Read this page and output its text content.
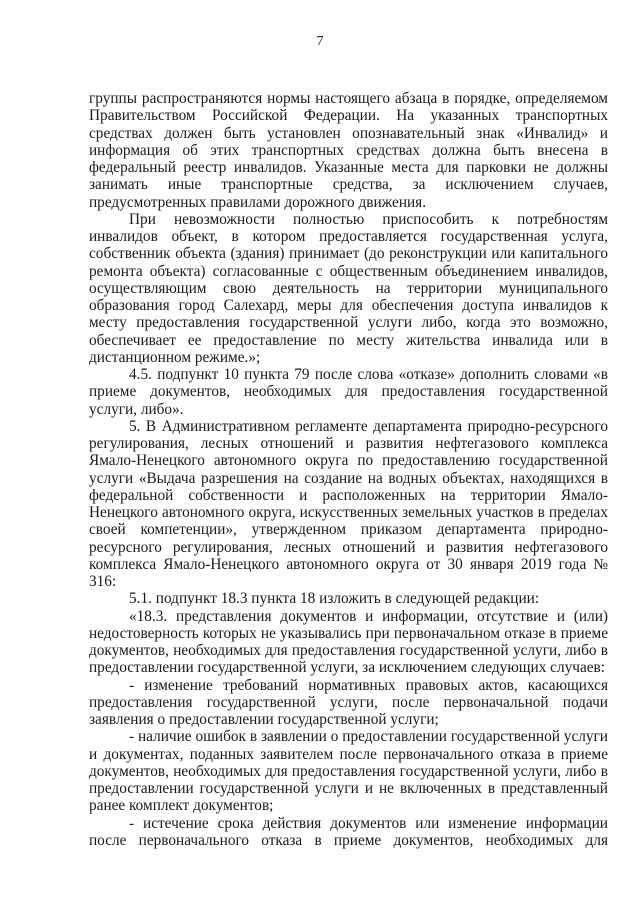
7

группы распространяются нормы настоящего абзаца в порядке, определяемом Правительством Российской Федерации. На указанных транспортных средствах должен быть установлен опознавательный знак «Инвалид» и информация об этих транспортных средствах должна быть внесена в федеральный реестр инвалидов. Указанные места для парковки не должны занимать иные транспортные средства, за исключением случаев, предусмотренных правилами дорожного движения.

При невозможности полностью приспособить к потребностям инвалидов объект, в котором предоставляется государственная услуга, собственник объекта (здания) принимает (до реконструкции или капитального ремонта объекта) согласованные с общественным объединением инвалидов, осуществляющим свою деятельность на территории муниципального образования город Салехард, меры для обеспечения доступа инвалидов к месту предоставления государственной услуги либо, когда это возможно, обеспечивает ее предоставление по месту жительства инвалида или в дистанционном режиме.»;

4.5. подпункт 10 пункта 79 после слова «отказе» дополнить словами «в приеме документов, необходимых для предоставления государственной услуги, либо».

5. В Административном регламенте департамента природно-ресурсного регулирования, лесных отношений и развития нефтегазового комплекса Ямало-Ненецкого автономного округа по предоставлению государственной услуги «Выдача разрешения на создание на водных объектах, находящихся в федеральной собственности и расположенных на территории Ямало-Ненецкого автономного округа, искусственных земельных участков в пределах своей компетенции», утвержденном приказом департамента природно-ресурсного регулирования, лесных отношений и развития нефтегазового комплекса Ямало-Ненецкого автономного округа от 30 января 2019 года № 316:

5.1. подпункт 18.3 пункта 18 изложить в следующей редакции:

«18.3. представления документов и информации, отсутствие и (или) недостоверность которых не указывались при первоначальном отказе в приеме документов, необходимых для предоставления государственной услуги, либо в предоставлении государственной услуги, за исключением следующих случаев:

- изменение требований нормативных правовых актов, касающихся предоставления государственной услуги, после первоначальной подачи заявления о предоставлении государственной услуги;

- наличие ошибок в заявлении о предоставлении государственной услуги и документах, поданных заявителем после первоначального отказа в приеме документов, необходимых для предоставления государственной услуги, либо в предоставлении государственной услуги и не включенных в представленный ранее комплект документов;

- истечение срока действия документов или изменение информации после первоначального отказа в приеме документов, необходимых для
